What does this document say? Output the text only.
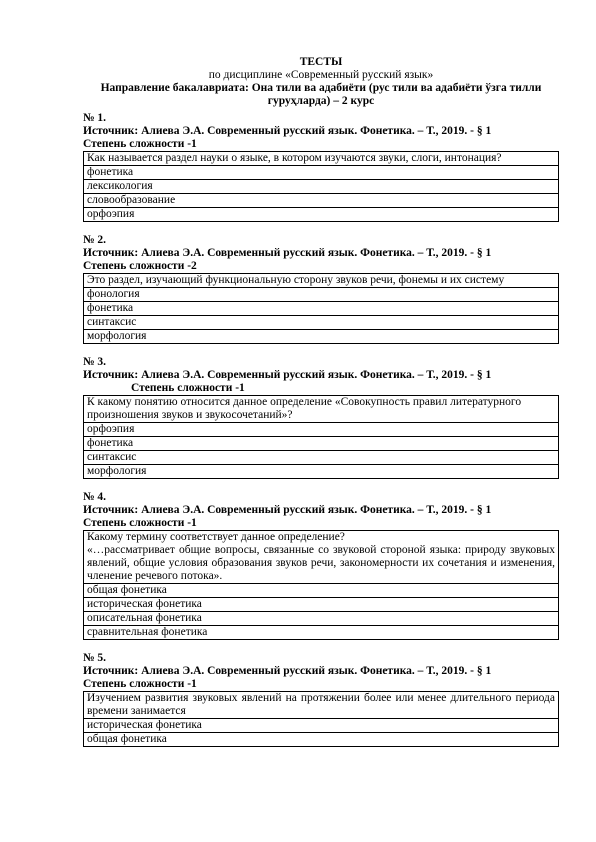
ТЕСТЫ
по дисциплине «Современный русский язык»
Направление бакалавриата: Она тили ва адабиёти (рус тили ва адабиёти ўзга тилли гуруҳларда) – 2 курс
№ 1.
Источник: Алиева Э.А. Современный русский язык. Фонетика. – Т., 2019. - § 1
Степень сложности -1
Как называется раздел науки о языке, в котором изучаются звуки, слоги, интонация?
фонетика
лексикология
словообразование
орфоэпия
№ 2.
Источник: Алиева Э.А. Современный русский язык. Фонетика. – Т., 2019. - § 1
Степень сложности -2
Это раздел, изучающий функциональную сторону звуков речи, фонемы и их систему
фонология
фонетика
синтаксис
морфология
№ 3.
Источник: Алиева Э.А. Современный русский язык. Фонетика. – Т., 2019. - § 1
Степень сложности -1
К какому понятию относится данное определение «Совокупность правил литературного произношения звуков и звукосочетаний»?
орфоэпия
фонетика
синтаксис
морфология
№ 4.
Источник: Алиева Э.А. Современный русский язык. Фонетика. – Т., 2019. - § 1
Степень сложности -1
Какому термину соответствует данное определение?
«…рассматривает общие вопросы, связанные со звуковой стороной языка: природу звуковых явлений, общие условия образования звуков речи, закономерности их сочетания и изменения, членение речевого потока».

общая фонетика
историческая фонетика
описательная фонетика
сравнительная фонетика
№ 5.
Источник: Алиева Э.А. Современный русский язык. Фонетика. – Т., 2019. - § 1
Степень сложности -1
Изучением развития звуковых явлений на протяжении более или менее длительного периода времени занимается
историческая фонетика
общая фонетика
